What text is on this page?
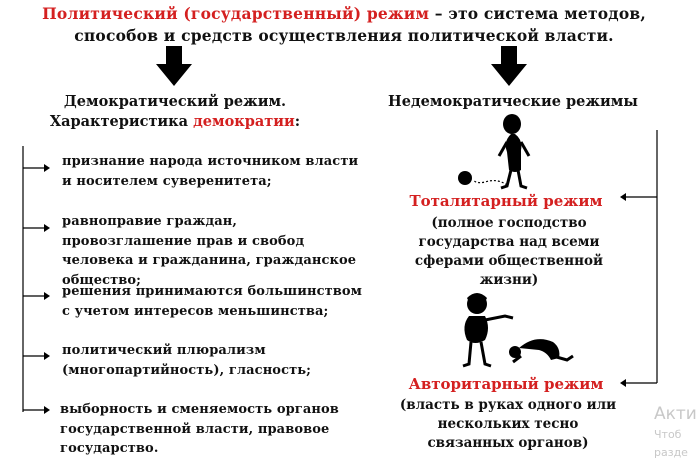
Политический (государственный) режим – это система методов, способов и средств осуществления политической власти.
Демократический режим.
Характеристика демократии:
Недемократические режимы
признание народа источником власти и носителем суверенитета;
равноправие граждан, провозглашение прав и свобод человека и гражданина, гражданское общество;
решения принимаются большинством с учетом интересов меньшинства;
политический плюрализм (многопартийность), гласность;
выборность и сменяемость органов государственной власти, правовое государство.
Тоталитарный режим
(полное господство государства над всеми сферами общественной жизни)
Авторитарный режим
(власть в руках одного или нескольких тесно связанных органов)
Акти
Чтоб
разде
